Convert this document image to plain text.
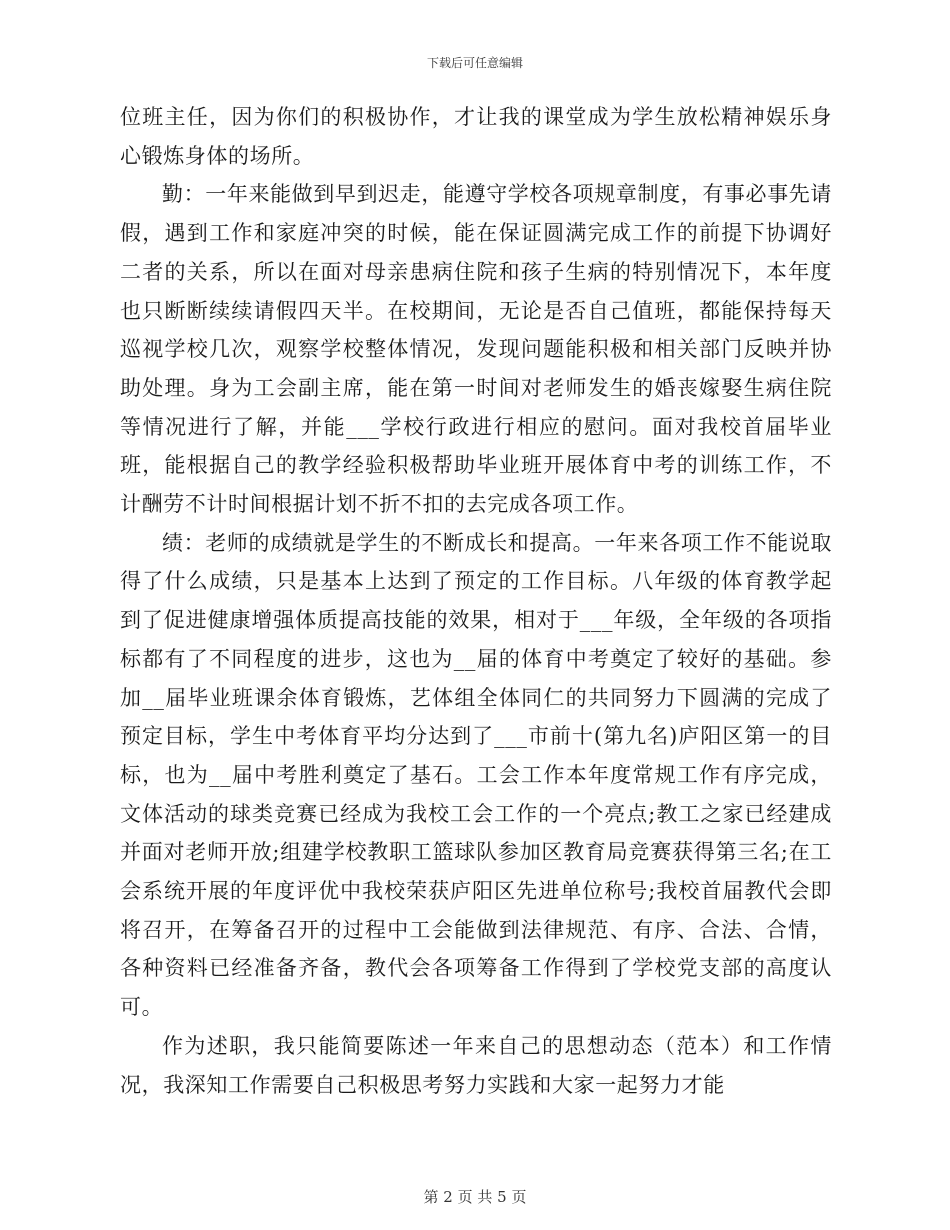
下载后可任意编辑

位班主任，因为你们的积极协作，才让我的课堂成为学生放松精神娱乐身心锻炼身体的场所。

勤：一年来能做到早到迟走，能遵守学校各项规章制度，有事必事先请假，遇到工作和家庭冲突的时候，能在保证圆满完成工作的前提下协调好二者的关系，所以在面对母亲患病住院和孩子生病的特别情况下，本年度也只断断续续请假四天半。在校期间，无论是否自己值班，都能保持每天巡视学校几次，观察学校整体情况，发现问题能积极和相关部门反映并协助处理。身为工会副主席，能在第一时间对老师发生的婚丧嫁娶生病住院等情况进行了解，并能___学校行政进行相应的慰问。面对我校首届毕业班，能根据自己的教学经验积极帮助毕业班开展体育中考的训练工作，不计酬劳不计时间根据计划不折不扣的去完成各项工作。

绩：老师的成绩就是学生的不断成长和提高。一年来各项工作不能说取得了什么成绩，只是基本上达到了预定的工作目标。八年级的体育教学起到了促进健康增强体质提高技能的效果，相对于___年级，全年级的各项指标都有了不同程度的进步，这也为__届的体育中考奠定了较好的基础。参加__届毕业班课余体育锻炼，艺体组全体同仁的共同努力下圆满的完成了预定目标，学生中考体育平均分达到了___市前十(第九名)庐阳区第一的目标，也为__届中考胜利奠定了基石。工会工作本年度常规工作有序完成，文体活动的球类竞赛已经成为我校工会工作的一个亮点;教工之家已经建成并面对老师开放;组建学校教职工篮球队参加区教育局竞赛获得第三名;在工会系统开展的年度评优中我校荣获庐阳区先进单位称号;我校首届教代会即将召开，在筹备召开的过程中工会能做到法律规范、有序、合法、合情，各种资料已经准备齐备，教代会各项筹备工作得到了学校党支部的高度认可。

作为述职，我只能简要陈述一年来自己的思想动态（范本）和工作情况，我深知工作需要自己积极思考努力实践和大家一起努力才能

第 2 页 共 5 页
